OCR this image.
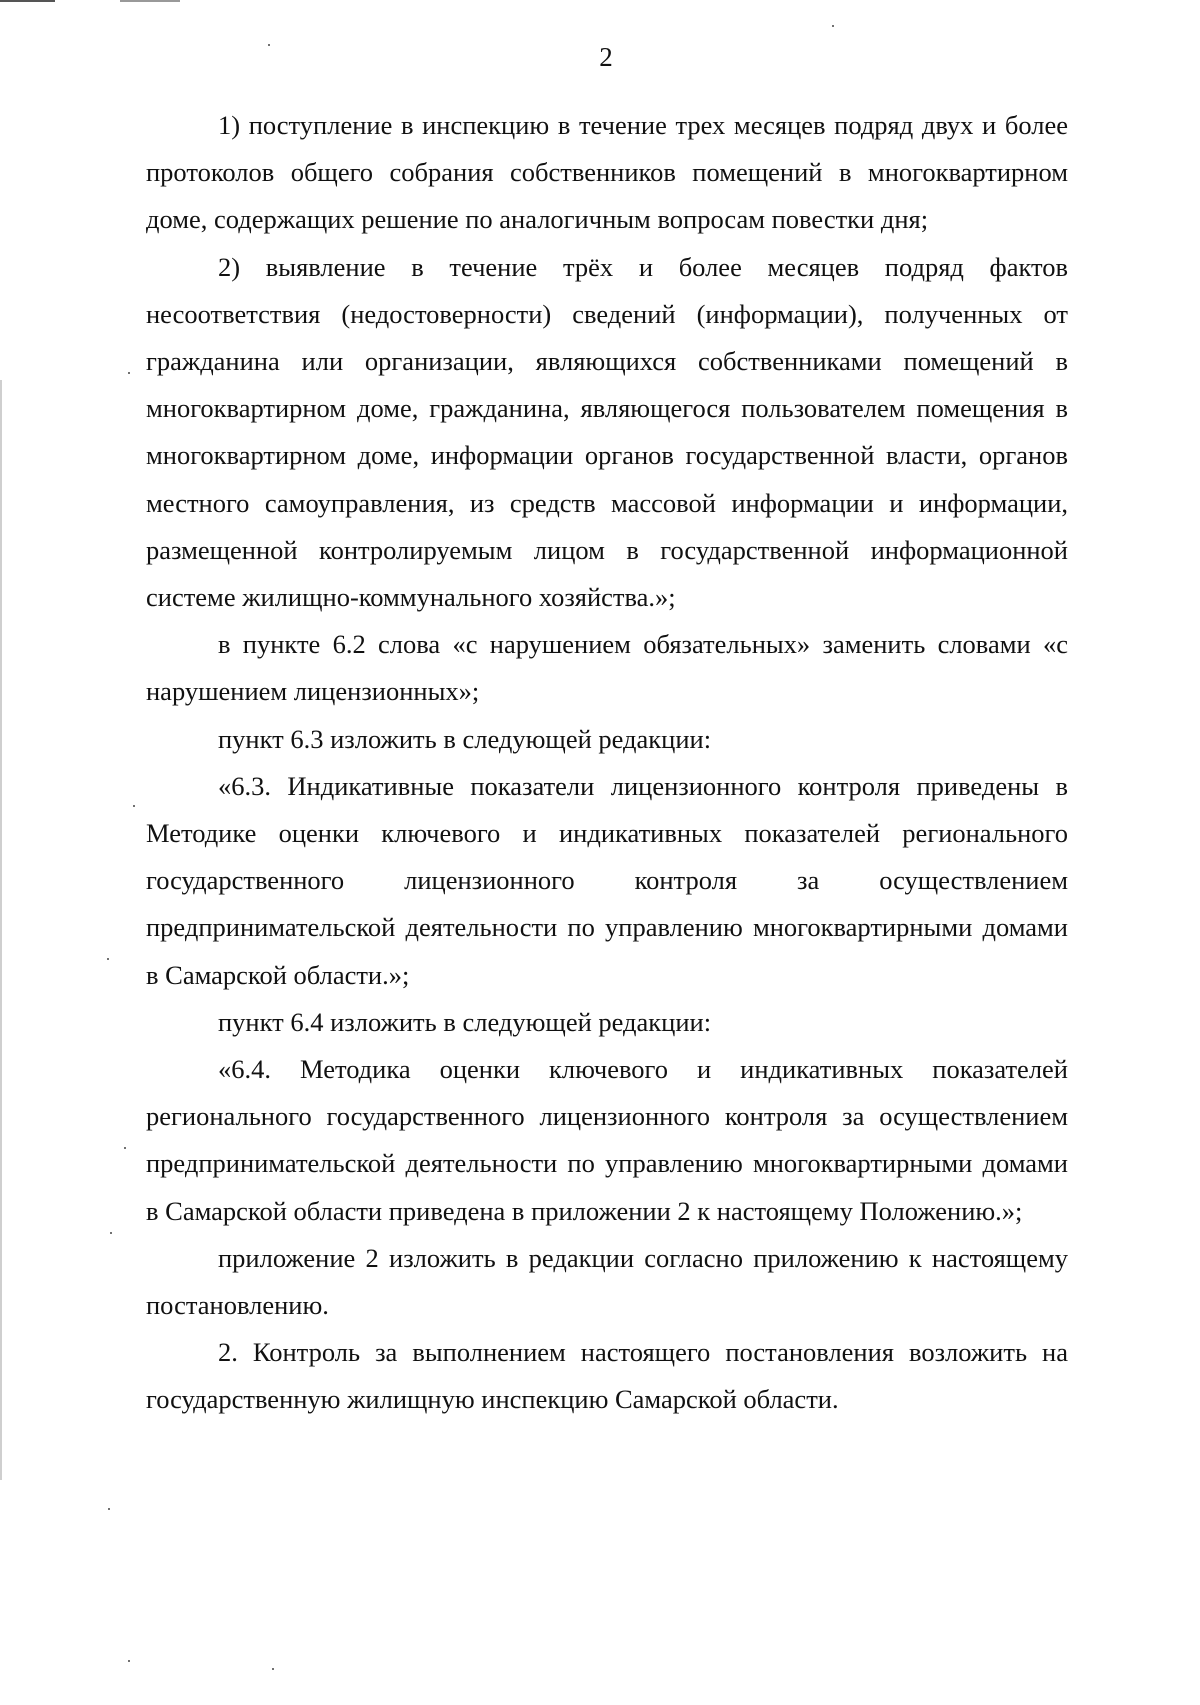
2

1) поступление в инспекцию в течение трех месяцев подряд двух и более протоколов общего собрания собственников помещений в многоквартирном доме, содержащих решение по аналогичным вопросам повестки дня;

2) выявление в течение трёх и более месяцев подряд фактов несоответствия (недостоверности) сведений (информации), полученных от гражданина или организации, являющихся собственниками помещений в многоквартирном доме, гражданина, являющегося пользователем помещения в многоквартирном доме, информации органов государственной власти, органов местного самоуправления, из средств массовой информации и информации, размещенной контролируемым лицом в государственной информационной системе жилищно-коммунального хозяйства.»;

в пункте 6.2 слова «с нарушением обязательных» заменить словами «с нарушением лицензионных»;

пункт 6.3 изложить в следующей редакции:

«6.3. Индикативные показатели лицензионного контроля приведены в Методике оценки ключевого и индикативных показателей регионального государственного лицензионного контроля за осуществлением предпринимательской деятельности по управлению многоквартирными домами в Самарской области.»;

пункт 6.4 изложить в следующей редакции:

«6.4. Методика оценки ключевого и индикативных показателей регионального государственного лицензионного контроля за осуществлением предпринимательской деятельности по управлению многоквартирными домами в Самарской области приведена в приложении 2 к настоящему Положению.»;

приложение 2 изложить в редакции согласно приложению к настоящему постановлению.

2. Контроль за выполнением настоящего постановления возложить на государственную жилищную инспекцию Самарской области.
